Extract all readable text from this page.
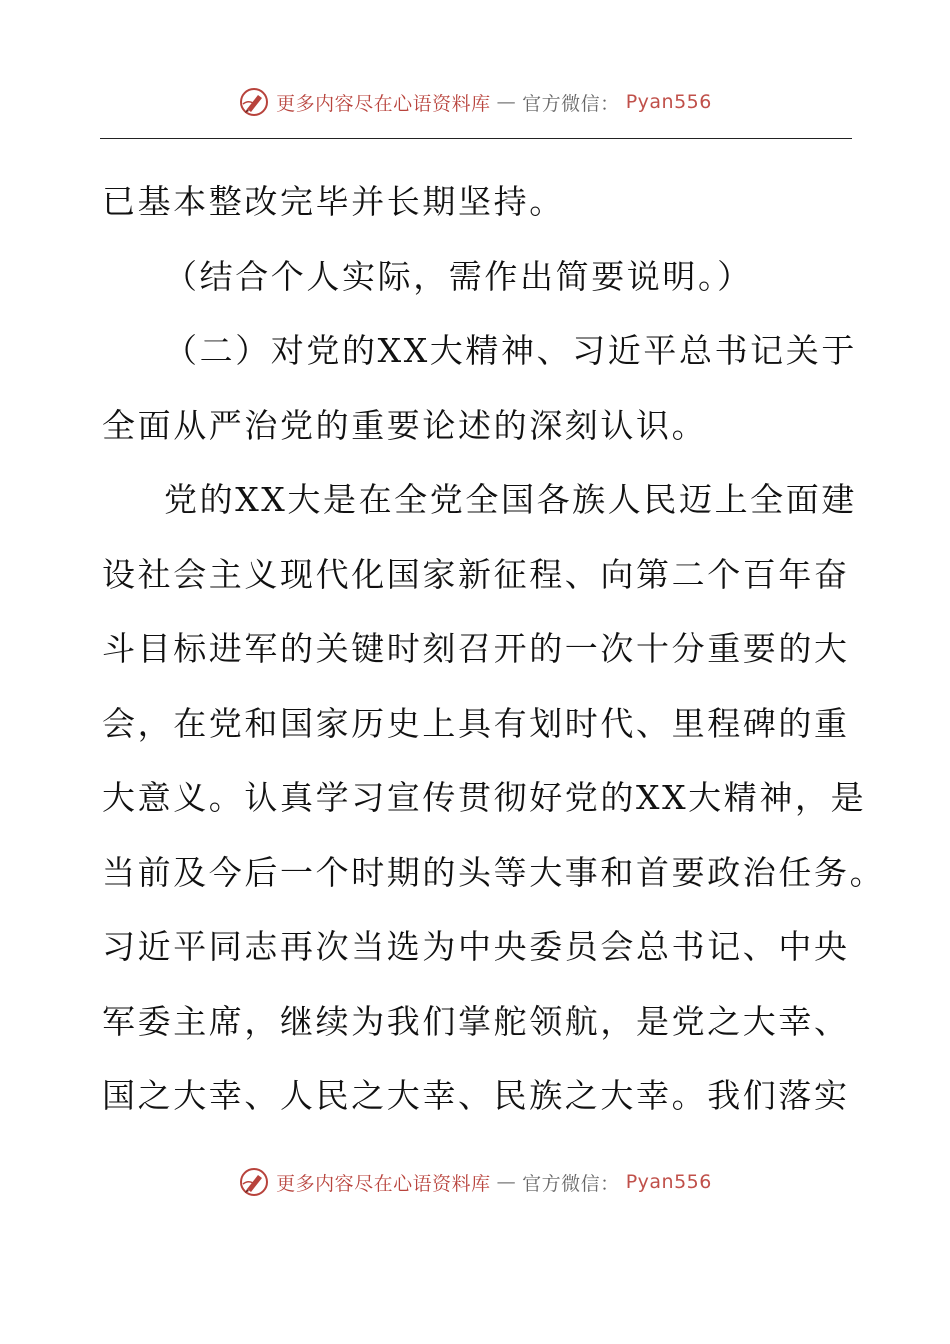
更多内容尽在心语资料库 — 官方微信： Pyan556

已基本整改完毕并长期坚持。

（结合个人实际，需作出简要说明。）

（二）对党的XX大精神、习近平总书记关于

全面从严治党的重要论述的深刻认识。

党的XX大是在全党全国各族人民迈上全面建

设社会主义现代化国家新征程、向第二个百年奋

斗目标进军的关键时刻召开的一次十分重要的大

会，在党和国家历史上具有划时代、里程碑的重

大意义。认真学习宣传贯彻好党的XX大精神，是

当前及今后一个时期的头等大事和首要政治任务。

习近平同志再次当选为中央委员会总书记、中央

军委主席，继续为我们掌舵领航，是党之大幸、

国之大幸、人民之大幸、民族之大幸。我们落实

更多内容尽在心语资料库 — 官方微信： Pyan556
